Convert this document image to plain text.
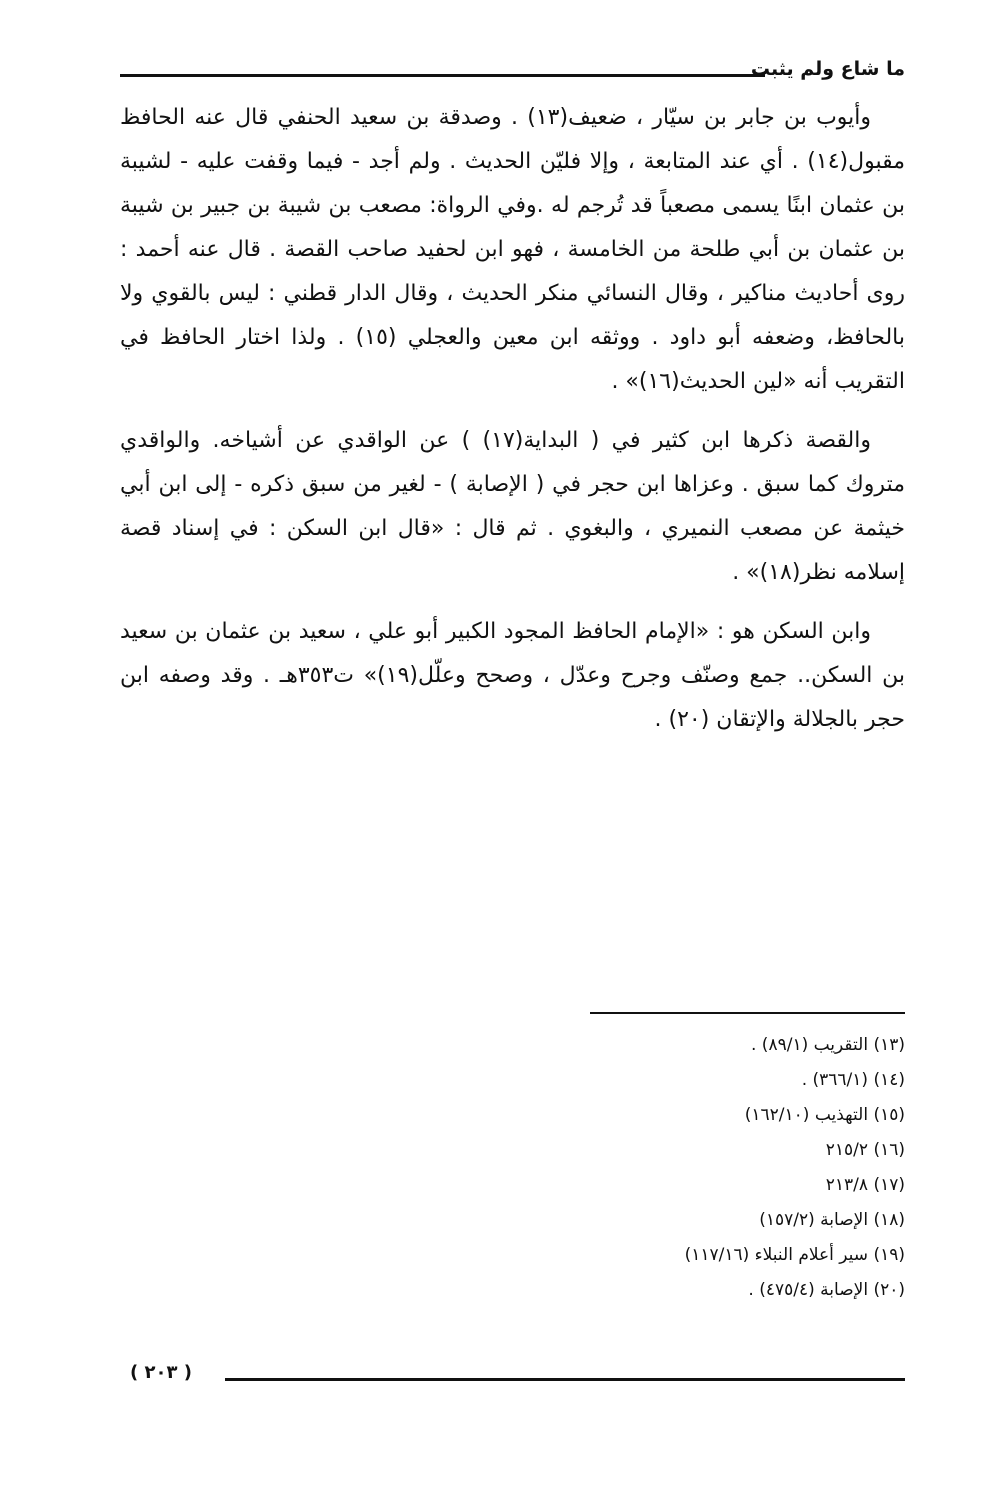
ما شاع ولم يثبت

وأيوب بن جابر بن سيّار ، ضعيف(١٣) . وصدقة بن سعيد الحنفي قال عنه الحافظ مقبول(١٤) . أي عند المتابعة ، وإلا فليّن الحديث . ولم أجد - فيما وقفت عليه - لشيبة بن عثمان ابنًا يسمى مصعباً قد تُرجم له .وفي الرواة: مصعب بن شيبة بن جبير بن شيبة بن عثمان بن أبي طلحة من الخامسة ، فهو ابن لحفيد صاحب القصة . قال عنه أحمد : روى أحاديث مناكير ، وقال النسائي منكر الحديث ، وقال الدار قطني : ليس بالقوي ولا بالحافظ، وضعفه أبو داود . ووثقه ابن معين والعجلي (١٥) . ولذا اختار الحافظ في التقريب أنه «لين الحديث(١٦)» .

والقصة ذكرها ابن كثير في ( البداية(١٧) ) عن الواقدي عن أشياخه. والواقدي متروك كما سبق . وعزاها ابن حجر في ( الإصابة ) - لغير من سبق ذكره - إلى ابن أبي خيثمة عن مصعب النميري ، والبغوي . ثم قال : «قال ابن السكن : في إسناد قصة إسلامه نظر(١٨)» .

وابن السكن هو : «الإمام الحافظ المجود الكبير أبو علي ، سعيد بن عثمان بن سعيد بن السكن.. جمع وصنّف وجرح وعدّل ، وصحح وعلّل(١٩)» ت٣٥٣هـ . وقد وصفه ابن حجر بالجلالة والإتقان (٢٠) .

(١٣) التقريب (٨٩/١) .
(١٤) (٣٦٦/١) .
(١٥) التهذيب (١٦٢/١٠)
(١٦) ٢١٥/٢
(١٧) ٢١٣/٨
(١٨) الإصابة (١٥٧/٢)
(١٩) سير أعلام النبلاء (١١٧/١٦)
(٢٠) الإصابة (٤٧٥/٤) .
( ٢٠٣ )
